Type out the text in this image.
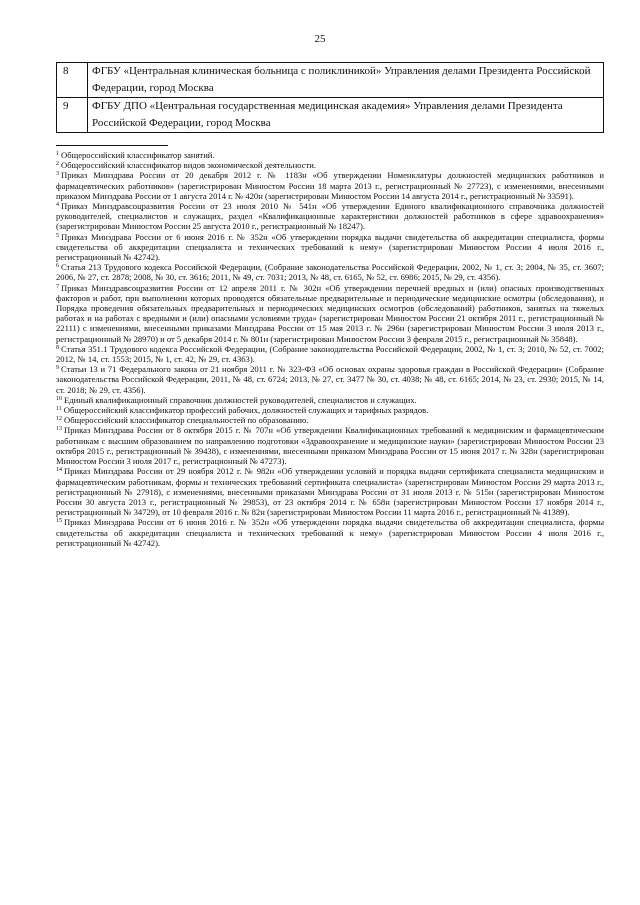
25
8	ФГБУ «Центральная клиническая больница с поликлиникой» Управления делами Президента Российской Федерации, город Москва
9	ФГБУ ДПО «Центральная государственная медицинская академия» Управления делами Президента Российской Федерации, город Москва

$^1$ Общероссийский классификатор занятий.

$^2$ Общероссийский классификатор видов экономической деятельности.

$^3$ Приказ Минздрава России от 20 декабря 2012 г. № 1183н «Об утверждении Номенклатуры должностей медицинских работников и фармацевтических работников» (зарегистрирован Минюстом России 18 марта 2013 г., регистрационный № 27723), с изменениями, внесенными приказом Минздрава России от 1 августа 2014 г. № 420н (зарегистрирован Минюстом России 14 августа 2014 г., регистрационный № 33591).

$^4$ Приказ Минздравсоцразвития России от 23 июля 2010 № 541н «Об утверждении Единого квалификационного справочника должностей руководителей, специалистов и служащих, раздел «Квалификационные характеристики должностей работников в сфере здравоохранения» (зарегистрирован Минюстом России 25 августа 2010 г., регистрационный № 18247).

$^5$ Приказ Минздрава России от 6 июня 2016 г. № 352н «Об утверждении порядка выдачи свидетельства об аккредитации специалиста, формы свидетельства об аккредитации специалиста и технических требований к нему» (зарегистрирован Минюстом России 4 июля 2016 г., регистрационный № 42742).

$^6$ Статья 213 Трудового кодекса Российской Федерации, (Собрание законодательства Российской Федерации, 2002, № 1, ст. 3; 2004, № 35, ст. 3607; 2006, № 27, ст. 2878; 2008, № 30, ст. 3616; 2011, № 49, ст. 7031; 2013, № 48, ст. 6165, № 52, ст. 6986; 2015, № 29, ст. 4356).

$^7$ Приказ Минздравсоцразвития России от 12 апреля 2011 г. № 302н «Об утверждении перечней вредных и (или) опасных производственных факторов и работ, при выполнении которых проводятся обязательные предварительные и периодические медицинские осмотры (обследования), и Порядка проведения обязательных предварительных и периодических медицинских осмотров (обследований) работников, занятых на тяжелых работах и на работах с вредными и (или) опасными условиями труда» (зарегистрирован Минюстом России 21 октября 2011 г., регистрационный № 22111) с изменениями, внесенными приказами Минздрава России от 15 мая 2013 г. № 296н (зарегистрирован Минюстом России 3 июля 2013 г., регистрационный № 28970) и от 5 декабря 2014 г. № 801н (зарегистрирован Минюстом России 3 февраля 2015 г., регистрационный № 35848).

$^8$ Статья 351.1 Трудового кодекса Российской Федерации, (Собрание законодательства Российской Федерации, 2002, № 1, ст. 3; 2010, № 52, ст. 7002; 2012, № 14, ст. 1553; 2015, № 1, ст. 42, № 29, ст. 4363).

$^9$ Статьи 13 и 71 Федерального закона от 21 ноября 2011 г. № 323-ФЗ «Об основах охраны здоровья граждан в Российской Федерации» (Собрание законодательства Российской Федерации, 2011, № 48, ст. 6724; 2013, № 27, ст. 3477 № 30, ст. 4038; № 48, ст. 6165; 2014, № 23, ст. 2930; 2015, № 14, ст. 2018; № 29, ст. 4356).

$^{10}$ Единый квалификационный справочник должностей руководителей, специалистов и служащих.

$^{11}$ Общероссийский классификатор профессий рабочих, должностей служащих и тарифных разрядов.

$^{12}$ Общероссийский классификатор специальностей по образованию.

$^{13}$ Приказ Минздрава России от 8 октября 2015 г. № 707н «Об утверждении Квалификационных требований к медицинским и фармацевтическим работникам с высшим образованием по направлению подготовки «Здравоохранение и медицинские науки» (зарегистрирован Минюстом России 23 октября 2015 г., регистрационный № 39438), с изменениями, внесенными приказом Минздрава России от 15 июня 2017 г. № 328н (зарегистрирован Минюстом России 3 июля 2017 г., регистрационный № 47273).

$^{14}$ Приказ Минздрава России от 29 ноября 2012 г. № 982н «Об утверждении условий и порядка выдачи сертификата специалиста медицинским и фармацевтическим работникам, формы и технических требований сертификата специалиста» (зарегистрирован Минюстом России 29 марта 2013 г., регистрационный № 27918), с изменениями, внесенными приказами Минздрава России от 31 июля 2013 г. № 515н (зарегистрирован Минюстом России 30 августа 2013 г., регистрационный № 29853), от 23 октября 2014 г. № 658н (зарегистрирован Минюстом России 17 ноября 2014 г., регистрационный № 34729), от 10 февраля 2016 г. № 82н (зарегистрирован Минюстом России 11 марта 2016 г., регистрационный № 41389).

$^{15}$ Приказ Минздрава России от 6 июня 2016 г. № 352н «Об утверждении порядка выдачи свидетельства об аккредитации специалиста, формы свидетельства об аккредитации специалиста и технических требований к нему» (зарегистрирован Минюстом России 4 июля 2016 г., регистрационный № 42742).
